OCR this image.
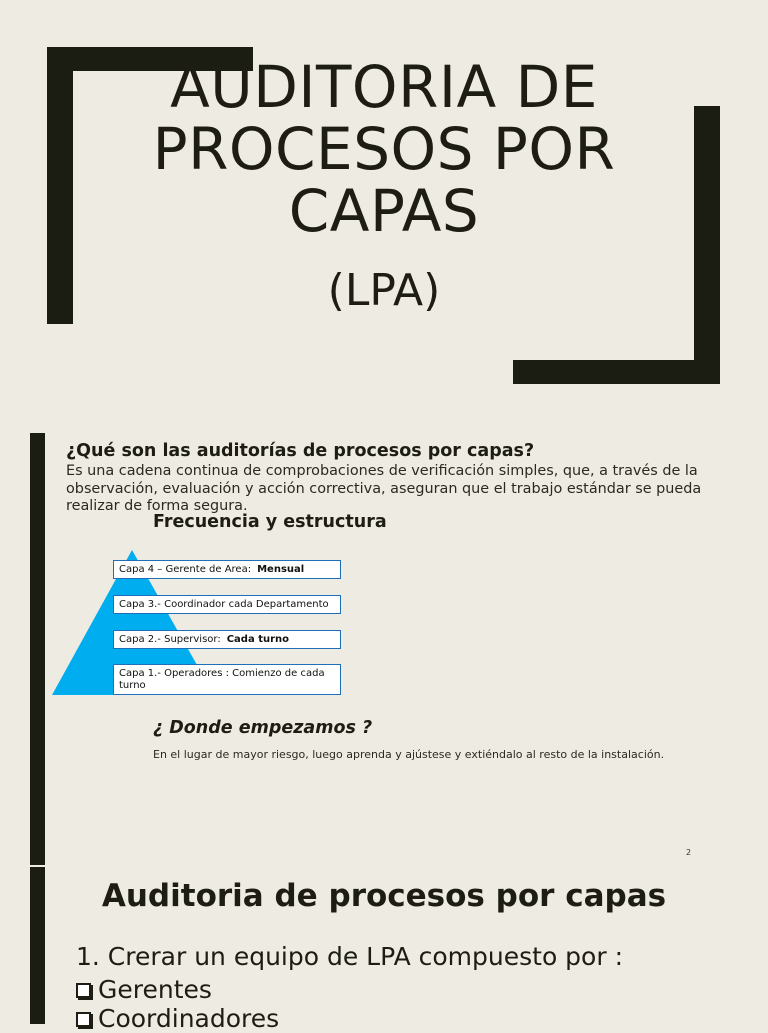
AUDITORIA DE PROCESOS POR CAPAS

(LPA)

¿Qué son las auditorías de procesos por capas?

Es una cadena continua de comprobaciones de verificación simples, que, a través de la observación, evaluación y acción correctiva, aseguran que el trabajo estándar se pueda realizar de forma segura.

Frecuencia y estructura
Capa 4 – Gerente de Area: Mensual
Capa 3.- Coordinador cada Departamento
Capa 2.- Supervisor: Cada turno
Capa 1.- Operadores : Comienzo de cada turno
¿ Donde empezamos ?

En el lugar de mayor riesgo, luego aprenda y ajústese y extiéndalo al resto de la instalación.

2
Auditoria de procesos por capas

1. Crerar un equipo de LPA compuesto por :

Gerentes
Coordinadores
